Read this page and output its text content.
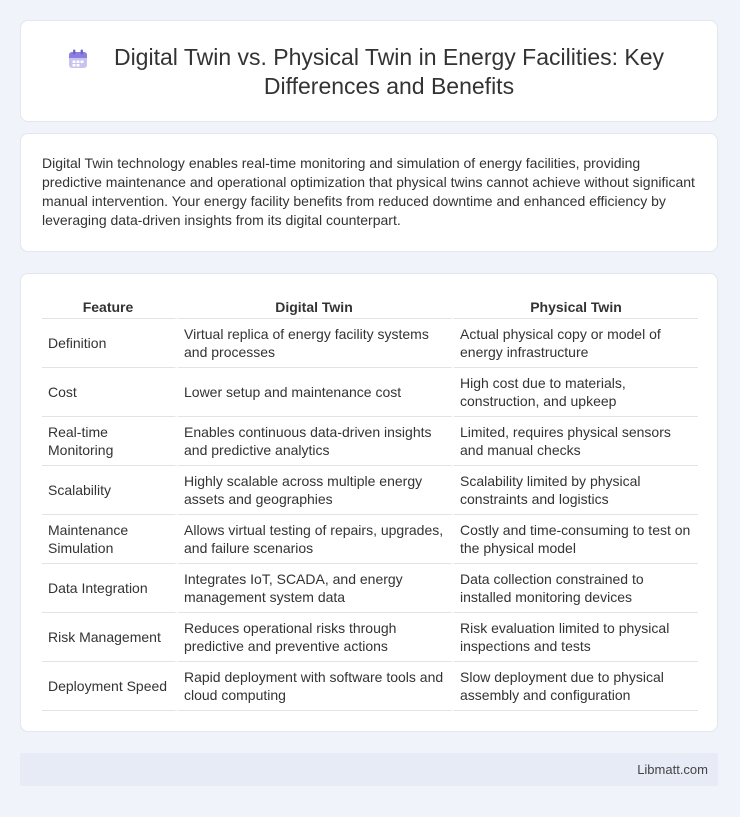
Digital Twin vs. Physical Twin in Energy Facilities: Key Differences and Benefits

Digital Twin technology enables real-time monitoring and simulation of energy facilities, providing predictive maintenance and operational optimization that physical twins cannot achieve without significant manual intervention. Your energy facility benefits from reduced downtime and enhanced efficiency by leveraging data-driven insights from its digital counterpart.

Feature	Digital Twin	Physical Twin
Definition	Virtual replica of energy facility systems and processes	Actual physical copy or model of energy infrastructure
Cost	Lower setup and maintenance cost	High cost due to materials, construction, and upkeep
Real-time Monitoring	Enables continuous data-driven insights and predictive analytics	Limited, requires physical sensors and manual checks
Scalability	Highly scalable across multiple energy assets and geographies	Scalability limited by physical constraints and logistics
Maintenance Simulation	Allows virtual testing of repairs, upgrades, and failure scenarios	Costly and time-consuming to test on the physical model
Data Integration	Integrates IoT, SCADA, and energy management system data	Data collection constrained to installed monitoring devices
Risk Management	Reduces operational risks through predictive and preventive actions	Risk evaluation limited to physical inspections and tests
Deployment Speed	Rapid deployment with software tools and cloud computing	Slow deployment due to physical assembly and configuration
Libmatt.com
